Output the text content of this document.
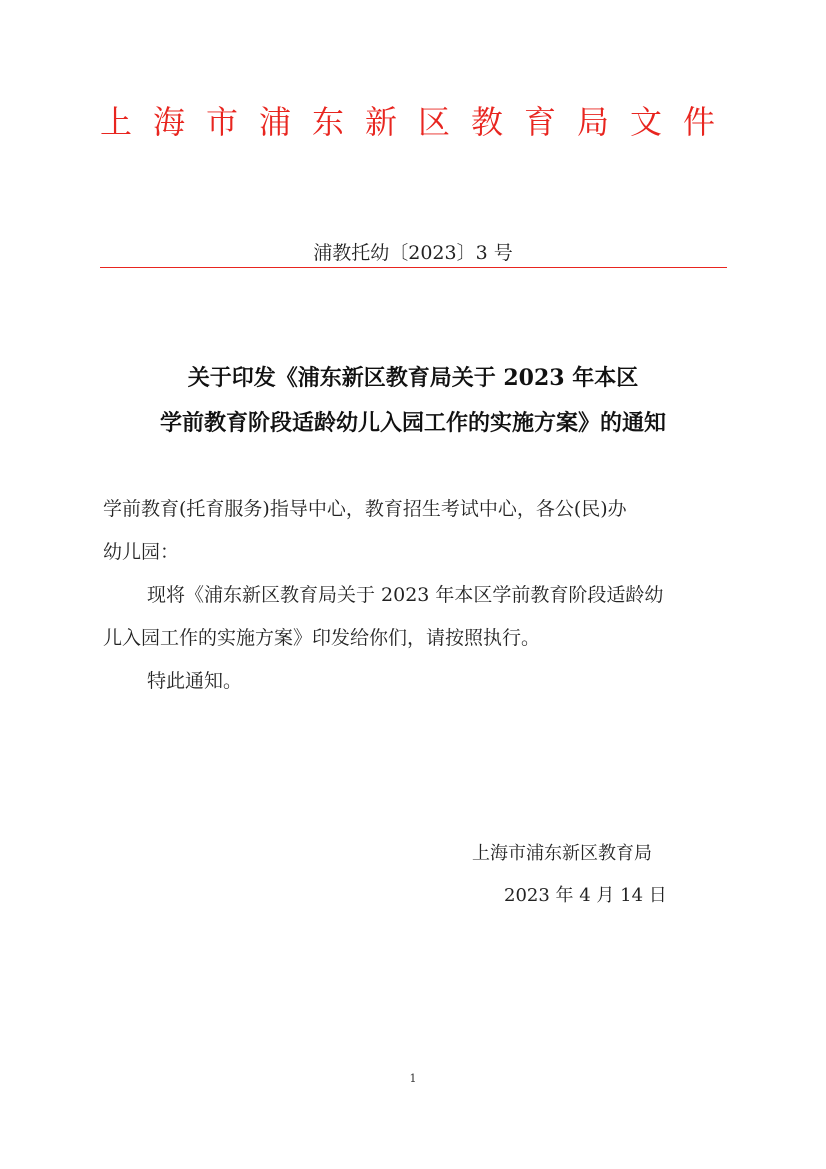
上海市浦东新区教育局文件
浦教托幼〔2023〕3 号
关于印发《浦东新区教育局关于 2023 年本区
学前教育阶段适龄幼儿入园工作的实施方案》的通知
学前教育(托育服务)指导中心，教育招生考试中心，各公(民)办
幼儿园：
现将《浦东新区教育局关于 2023 年本区学前教育阶段适龄幼
儿入园工作的实施方案》印发给你们，请按照执行。
特此通知。
上海市浦东新区教育局
2023 年 4 月 14 日
1
